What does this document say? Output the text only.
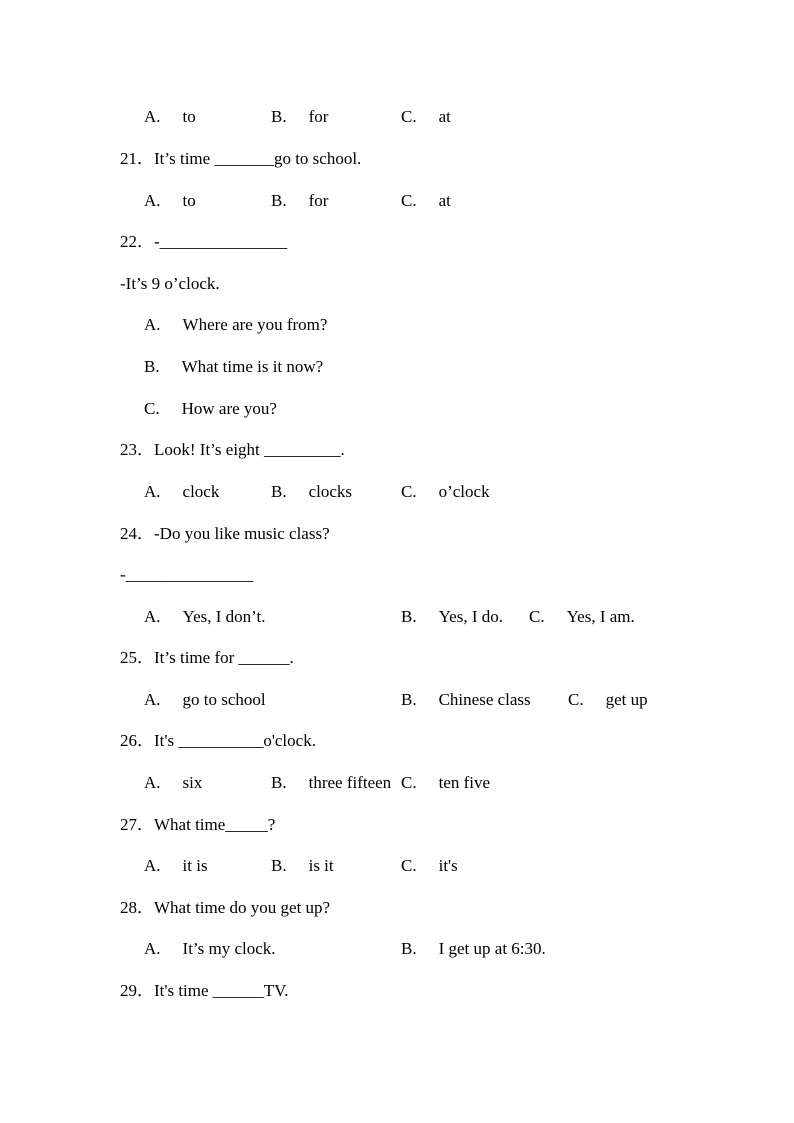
A. to	B. for	C. at
21．It’s time _______go to school.
A. to	B. for	C. at
22．-_______________
-It’s 9 o’clock.
A. Where are you from?
B. What time is it now?
C. How are you?
23．Look! It’s eight _________.
A. clock	B. clocks	C. o’clock
24．-Do you like music class?
-_______________
A. Yes, I don’t.	B. Yes, I do. C. Yes, I am.
25．It’s time for ______.
A. go to school	B. Chinese class C. get up
26．It's __________o'clock.
A. six	B. three fifteen C. ten five
27．What time_____?
A. it is	B. is it	C. it's
28．What time do you get up?
A. It’s my clock.	B. I get up at 6:30.
29．It's time ______TV.
